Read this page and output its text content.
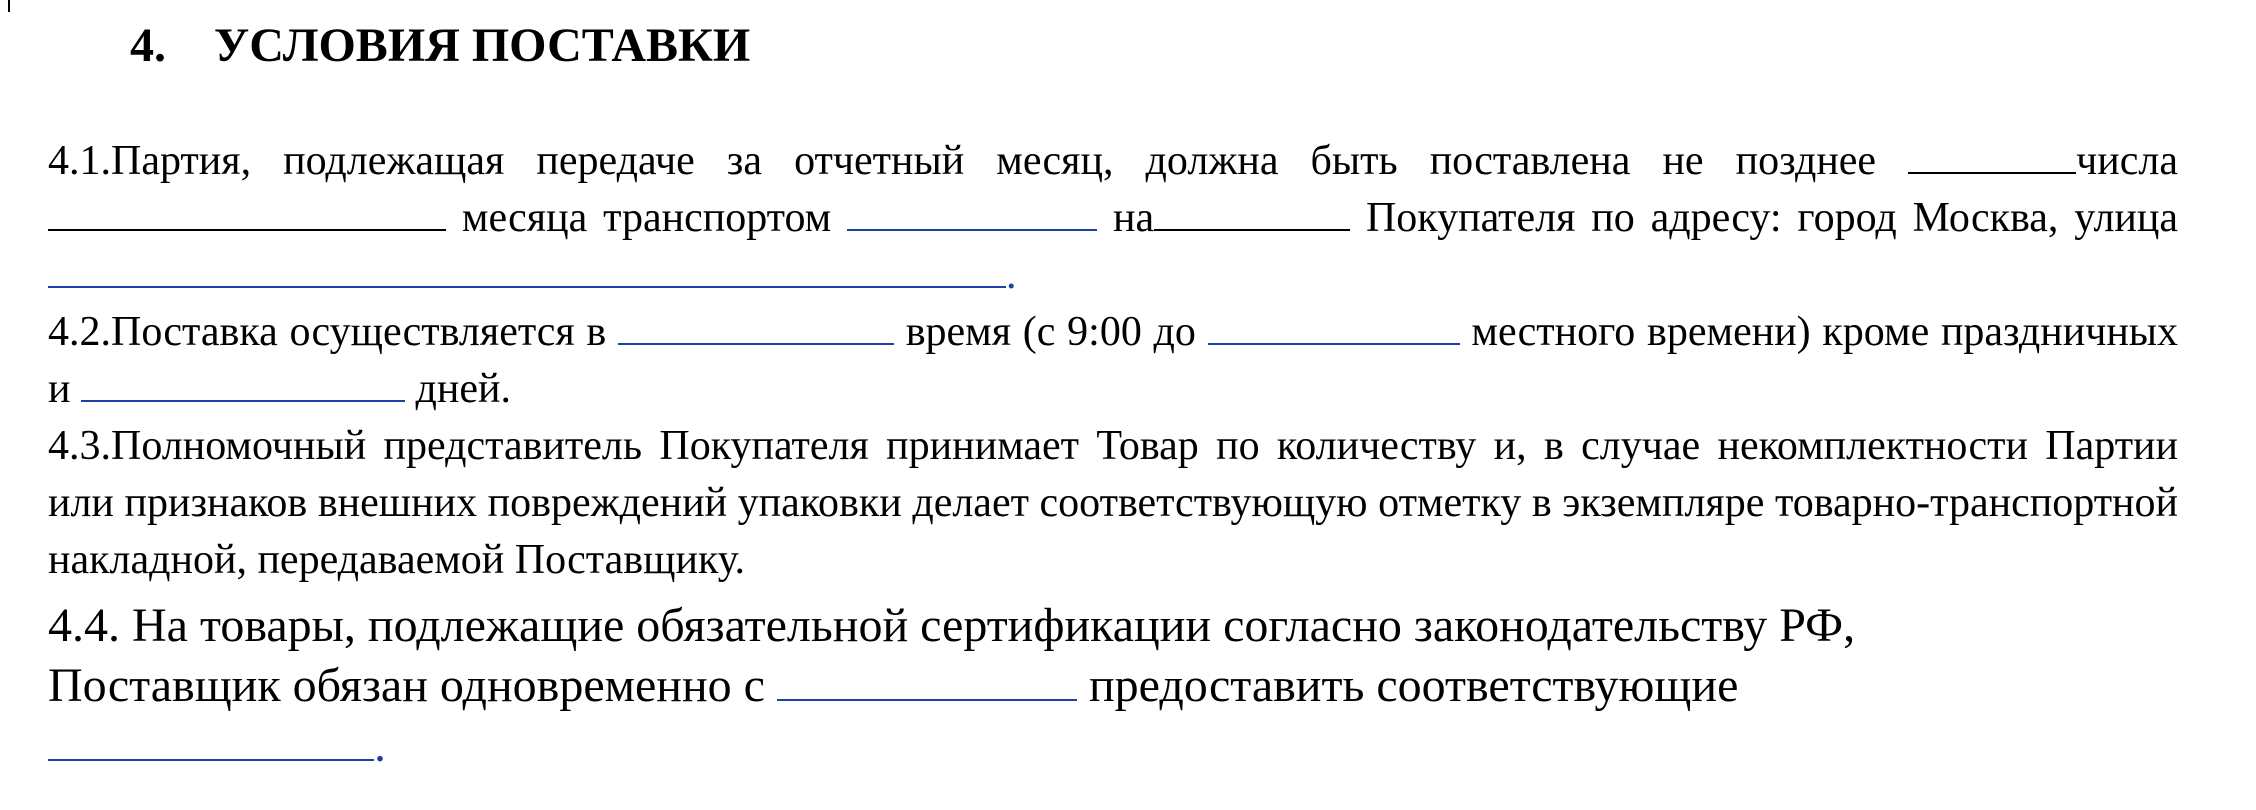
4. УСЛОВИЯ ПОСТАВКИ

4.1.Партия, подлежащая передаче за отчетный месяц, должна быть поставлена не позднее	числа  месяца транспортом	на	Покупателя по адресу: город Москва, улица .

4.2.Поставка осуществляется в	время (с 9:00 до	местного времени) кроме праздничных и	дней.

4.3.Полномочный представитель Покупателя принимает Товар по количеству и, в случае некомплектности Партии или признаков внешних повреждений упаковки делает соответствующую отметку в экземпляре товарно-транспортной накладной, передаваемой Поставщику.

4.4. На товары, подлежащие обязательной сертификации согласно законодательству РФ,
Поставщик обязан одновременно с	предоставить соответствующие
.
